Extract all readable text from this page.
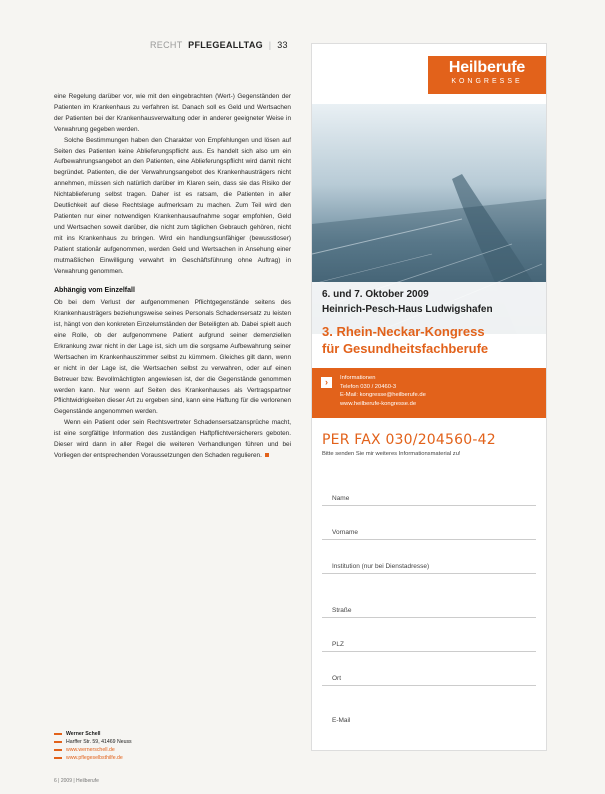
RECHT PFLEGEALLTAG | 33

eine Regelung darüber vor, wie mit den eingebrachten (Wert-) Gegenständen der Patienten im Krankenhaus zu verfahren ist. Danach soll es Geld und Wertsachen der Patienten bei der Krankenhausverwaltung oder in anderer geeigneter Weise in Verwahrung gegeben werden.

Solche Bestimmungen haben den Charakter von Empfehlungen und lösen auf Seiten des Patienten keine Ablieferungspflicht aus. Es handelt sich also um ein Aufbewahrungsangebot an den Patienten, eine Ablieferungspflicht wird damit nicht begründet. Patienten, die der Verwahrungsangebot des Krankenhausträgers nicht annehmen, müssen sich natürlich darüber im Klaren sein, dass sie das Risiko der Nichtablieferung selbst tragen. Daher ist es ratsam, die Patienten in aller Deutlichkeit auf diese Rechtslage aufmerksam zu machen. Zum Teil wird den Patienten nur einer notwendigen Krankenhausaufnahme sogar empfohlen, Geld und Wertsachen soweit darüber, die nicht zum täglichen Gebrauch gehören, nicht mit ins Krankenhaus zu bringen. Wird ein handlungsunfähiger (bewusstloser) Patient stationär aufgenommen, werden Geld und Wertsachen in Ansehung einer mutmaßlichen Einwilligung verwahrt im Geschäftsführung ohne Auftrag) in Verwahrung genommen.

Abhängig vom Einzelfall

Ob bei dem Verlust der aufgenommenen Pflichtgegenstände seitens des Krankenhausträgers beziehungsweise seines Personals Schadensersatz zu leisten ist, hängt von den konkreten Einzelumständen der Beteiligten ab. Dabei spielt auch eine Rolle, ob der aufgenommene Patient aufgrund seiner demenziellen Erkrankung zwar nicht in der Lage ist, sich um die sorgsame Aufbewahrung seiner Wertsachen im Krankenhauszimmer selbst zu kümmern. Gleiches gilt dann, wenn er nicht in der Lage ist, die Wertsachen selbst zu verwahren, oder auf einen Betreuer bzw. Bevollmächtigten angewiesen ist, der die Gegenstände genommen werden kann. Nur wenn auf Seiten des Krankenhauses als Vertragspartner Pflichtwidrigkeiten dieser Art zu ergeben sind, kann eine Haftung für die verlorenen Gegenstände angenommen werden.

Wenn ein Patient oder sein Rechtsvertreter Schadensersatzansprüche macht, ist eine sorgfältige Information des zuständigen Haftpflichtversicherers geboten. Dieser wird dann in aller Regel die weiteren Verhandlungen führen und bei Vorliegen der entsprechenden Voraussetzungen den Schaden regulieren.

Werner Schell
Harffer Str. 59, 41469 Neuss
www.wernerschell.de
www.pflegeselbsthilfe.de
6 | 2009 | Heilberufe
Heilberufe
KONGRESSE
6. und 7. Oktober 2009
Heinrich-Pesch-Haus Ludwigshafen
3. Rhein-Neckar-Kongress
für Gesundheitsfachberufe
›	Informationen
Telefon 030 / 20460-3
E-Mail: kongresse@heilberufe.de
www.heilberufe-kongresse.de
PER FAX 030/204560-42
Bitte senden Sie mir weiteres Informationsmaterial zu!
Name
Vorname
Institution (nur bei Dienstadresse)
Straße
PLZ
Ort
E-Mail
